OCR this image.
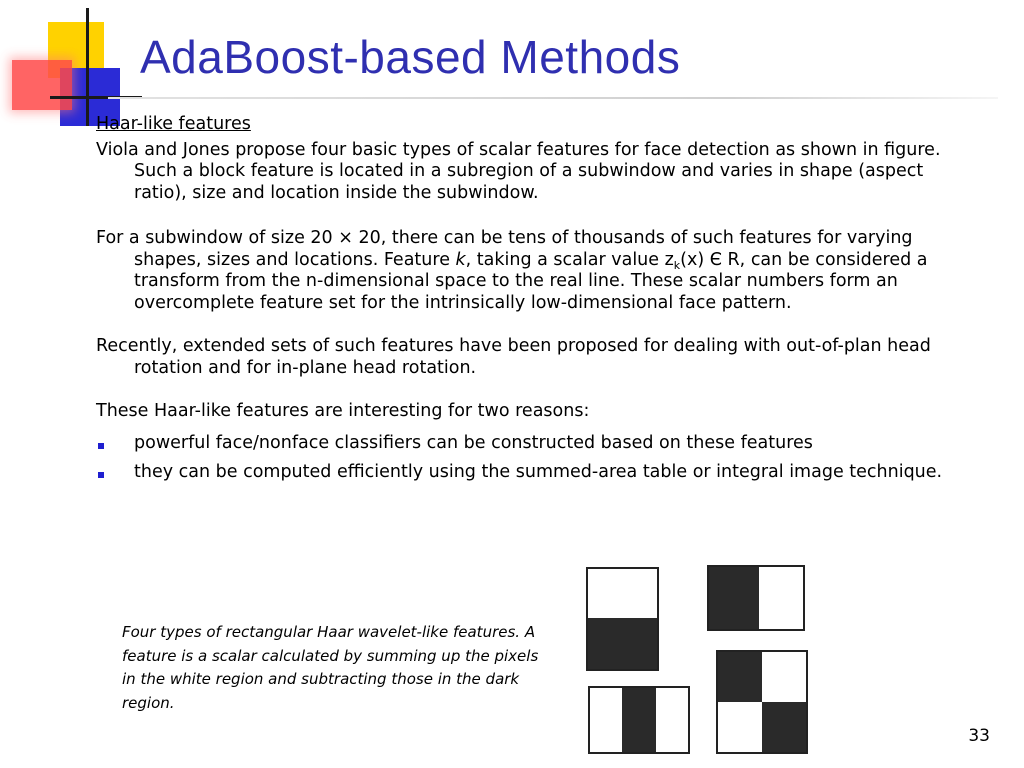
AdaBoost-based Methods
Haar-like features
Viola and Jones propose four basic types of scalar features for face detection as shown in figure. Such a block feature is located in a subregion of a subwindow and varies in shape (aspect ratio), size and location inside the subwindow.
For a subwindow of size 20 × 20, there can be tens of thousands of such features for varying shapes, sizes and locations. Feature k, taking a scalar value $z_k(x)$ Є R, can be considered a transform from the n-dimensional space to the real line. These scalar numbers form an overcomplete feature set for the intrinsically low-dimensional face pattern.
Recently, extended sets of such features have been proposed for dealing with out-of-plan head rotation and for in-plane head rotation.
These Haar-like features are interesting for two reasons:
powerful face/nonface classifiers can be constructed based on these features
they can be computed efficiently using the summed-area table or integral image technique.
Four types of rectangular Haar wavelet-like features. A feature is a scalar calculated by summing up the pixels in the white region and subtracting those in the dark region.
33
